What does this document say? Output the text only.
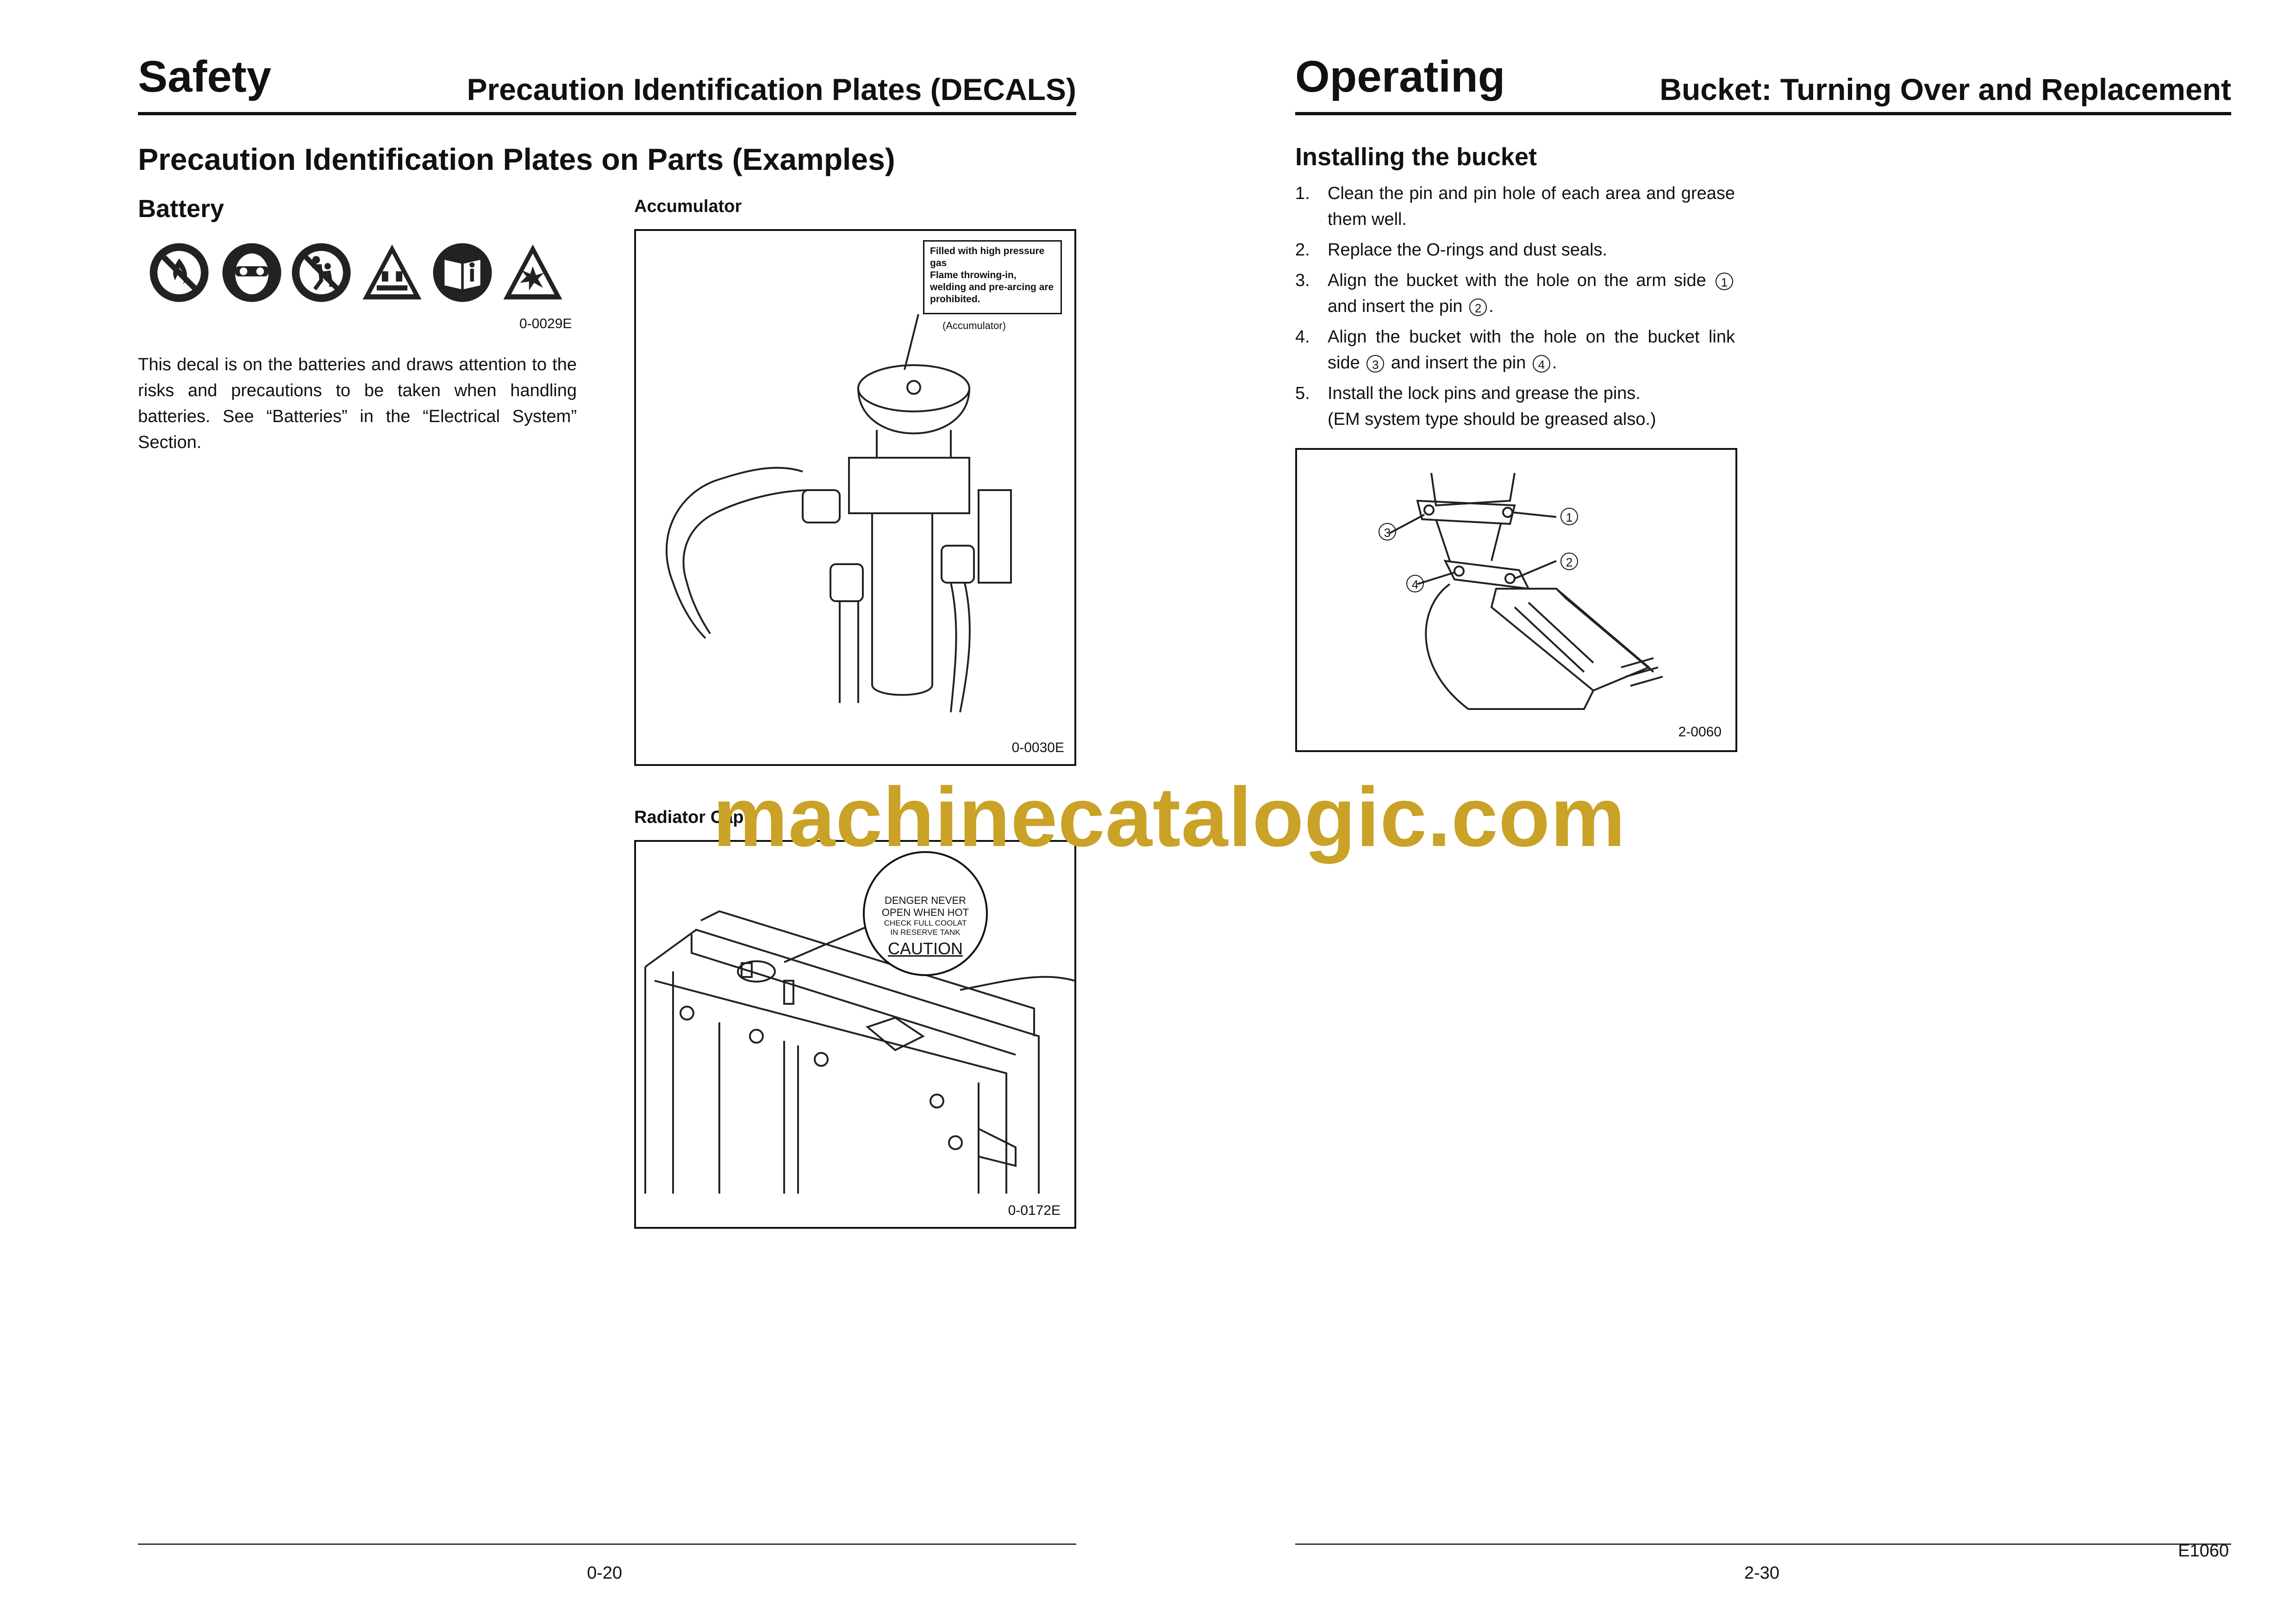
Safety	Precaution Identification Plates (DECALS)
Precaution Identification Plates on Parts (Examples)
Battery
0-0029E
This decal is on the batteries and draws attention to the risks and precautions to be taken when handling batteries. See “Batteries” in the “Electrical System” Section.
Accumulator
Filled with high pressure gas
Flame throwing-in, welding and pre-arcing are prohibited.
(Accumulator)
0-0030E
Radiator Cap
DENGER NEVER
OPEN WHEN HOT
CHECK FULL COOLAT
IN RESERVE TANK
CAUTION
0-0172E
0-20
Operating	Bucket: Turning Over and Replacement
Installing the bucket
1. Clean the pin and pin hole of each area and grease them well.
2. Replace the O-rings and dust seals.
3. Align the bucket with the hole on the arm side 1 and insert the pin 2 .
4. Align the bucket with the hole on the bucket link side 3 and insert the pin 4 .
5. Install the lock pins and grease the pins.
(EM system type should be greased also.)
3
4
1
2
2-0060
E1060
2-30
machinecatalogic.com
